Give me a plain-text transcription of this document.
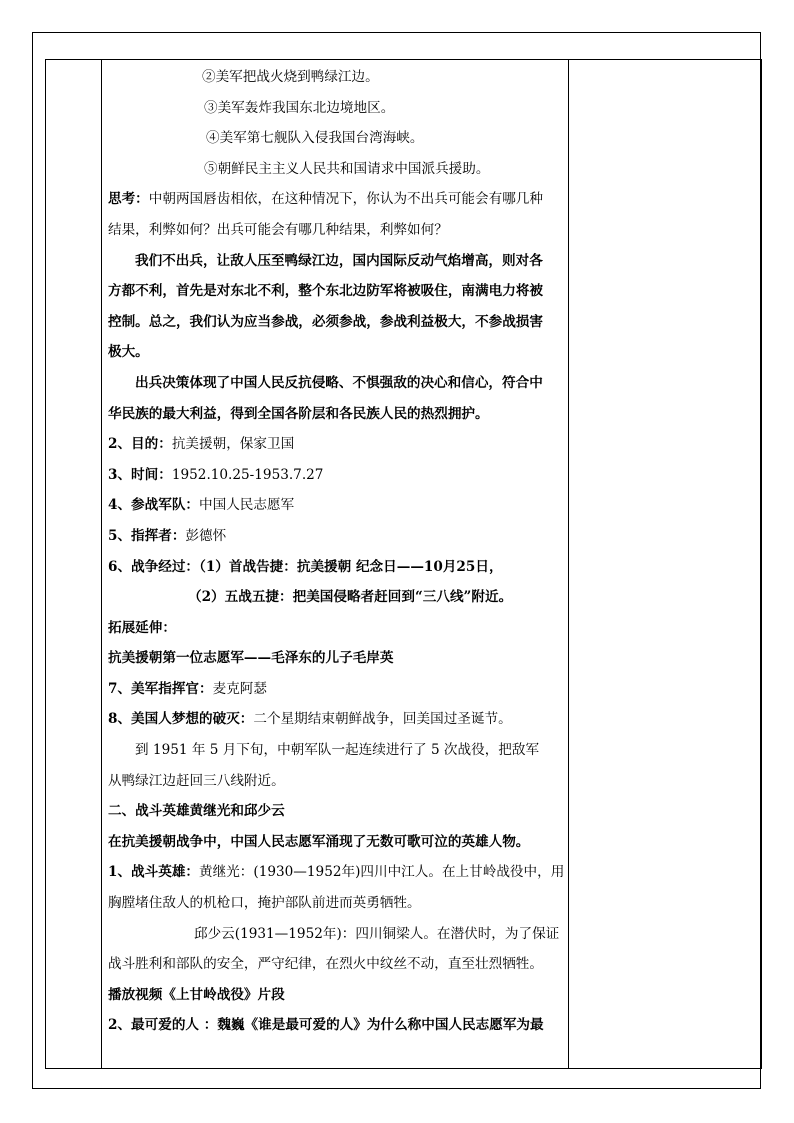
②美军把战火烧到鸭绿江边。
③美军轰炸我国东北边境地区。
④美军第七舰队入侵我国台湾海峡。
⑤朝鲜民主主义人民共和国请求中国派兵援助。
思考：中朝两国唇齿相依，在这种情况下，你认为不出兵可能会有哪几种
结果，利弊如何？出兵可能会有哪几种结果，利弊如何？
我们不出兵，让敌人压至鸭绿江边，国内国际反动气焰增高，则对各
方都不利，首先是对东北不利，整个东北边防军将被吸住，南满电力将被
控制。总之，我们认为应当参战，必须参战，参战利益极大，不参战损害
极大。
出兵决策体现了中国人民反抗侵略、不惧强敌的决心和信心，符合中
华民族的最大利益，得到全国各阶层和各民族人民的热烈拥护。
2、目的：抗美援朝，保家卫国
3、时间：1952.10.25-1953.7.27
4、参战军队：中国人民志愿军
5、指挥者：彭德怀
6、战争经过：（1）首战告捷：抗美援朝 纪念日——10月25日，
（2）五战五捷：把美国侵略者赶回到“三八线”附近。
拓展延伸：
抗美援朝第一位志愿军——毛泽东的儿子毛岸英
7、美军指挥官：麦克阿瑟
8、美国人梦想的破灭：二个星期结束朝鲜战争，回美国过圣诞节。
到 1951 年 5 月下旬，中朝军队一起连续进行了 5 次战役，把敌军
从鸭绿江边赶回三八线附近。
二、战斗英雄黄继光和邱少云
在抗美援朝战争中，中国人民志愿军涌现了无数可歌可泣的英雄人物。
1、战斗英雄：黄继光：(1930—1952年)四川中江人。在上甘岭战役中，用
胸膛堵住敌人的机枪口，掩护部队前进而英勇牺牲。
邱少云(1931—1952年)：四川铜梁人。在潜伏时，为了保证
战斗胜利和部队的安全，严守纪律，在烈火中纹丝不动，直至壮烈牺牲。
播放视频《上甘岭战役》片段
2、最可爱的人 ：魏巍《谁是最可爱的人》为什么称中国人民志愿军为最
